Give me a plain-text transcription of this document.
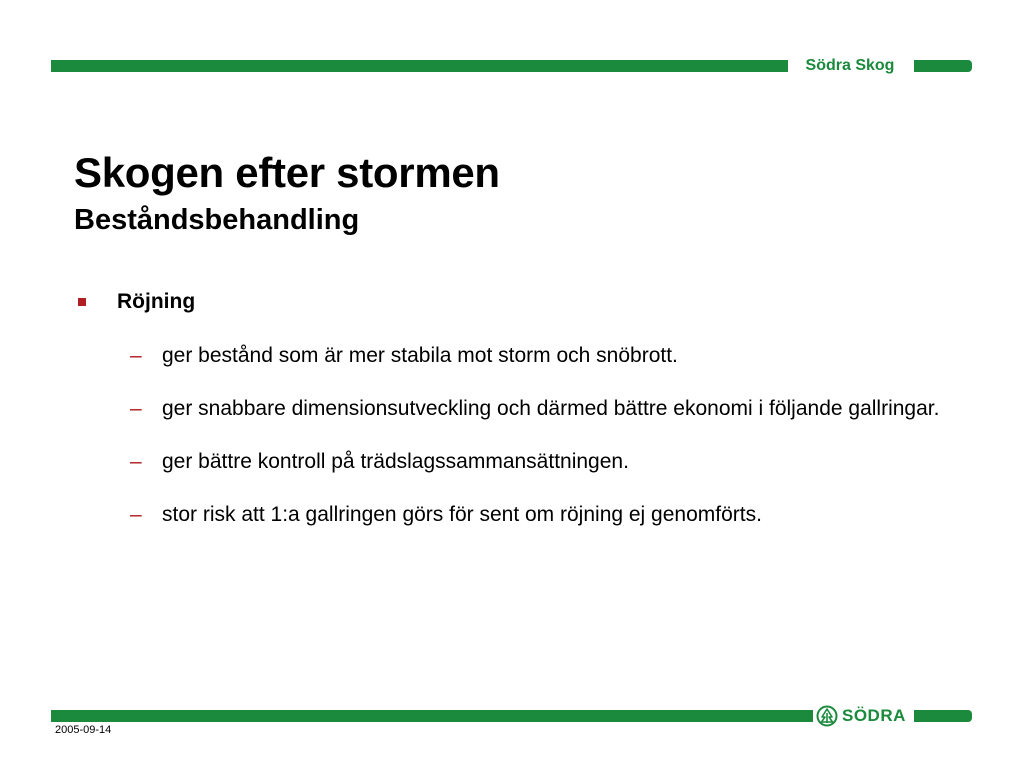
Södra Skog
Skogen efter stormen
Beståndsbehandling
Röjning
– ger bestånd som är mer stabila mot storm och snöbrott.
– ger snabbare dimensionsutveckling och därmed bättre ekonomi i följande gallringar.
– ger bättre kontroll på trädslagssammansättningen.
– stor risk att 1:a gallringen görs för sent om röjning ej genomförts.
SÖDRA
2005-09-14
